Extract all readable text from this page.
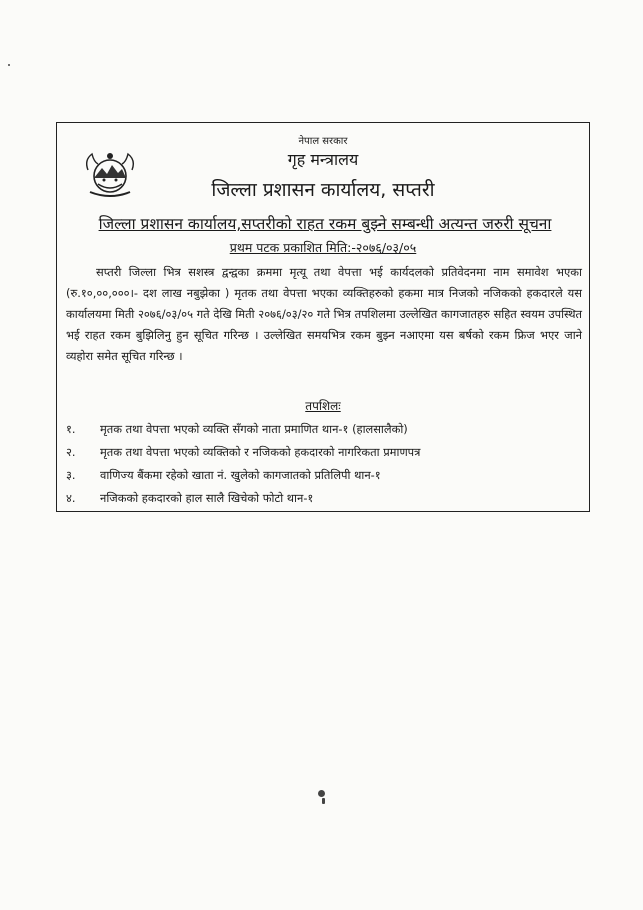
नेपाल सरकार
गृह मन्त्रालय
जिल्ला प्रशासन कार्यालय, सप्तरी
जिल्ला प्रशासन कार्यालय,सप्तरीको राहत रकम बुझ्ने सम्बन्धी अत्यन्त जरुरी सूचना
प्रथम पटक प्रकाशित मिति:-२०७६/०३/०५
सप्तरी जिल्ला भित्र सशस्त्र द्वन्द्वका क्रममा मृत्यू तथा वेपत्ता भई कार्यदलको प्रतिवेदनमा नाम समावेश भएका (रु.१०,००,०००।- दश लाख नबुझेका ) मृतक तथा वेपत्ता भएका व्यक्तिहरुको हकमा मात्र निजको नजिकको हकदारले यस कार्यालयमा मिती २०७६/०३/०५ गते देखि मिती २०७६/०३/२० गते भित्र तपशिलमा उल्लेखित कागजातहरु सहित स्वयम उपस्थित भई राहत रकम बुझिलिनु हुन सूचित गरिन्छ । उल्लेखित समयभित्र रकम बुझ्न नआएमा यस बर्षको रकम फ्रिज भएर जाने व्यहोरा समेत सूचित गरिन्छ ।
तपशिलः
१.	मृतक तथा वेपत्ता भएको व्यक्ति सँगको नाता प्रमाणित थान-१ (हालसालैको)
२.	मृतक तथा वेपत्ता भएको व्यक्तिको र नजिकको हकदारको नागरिकता प्रमाणपत्र
३.	वाणिज्य बैंकमा रहेको खाता नं. खुलेको कागजातको प्रतिलिपी थान-१
४.	नजिकको हकदारको हाल सालै खिचेको फोटो थान-१
